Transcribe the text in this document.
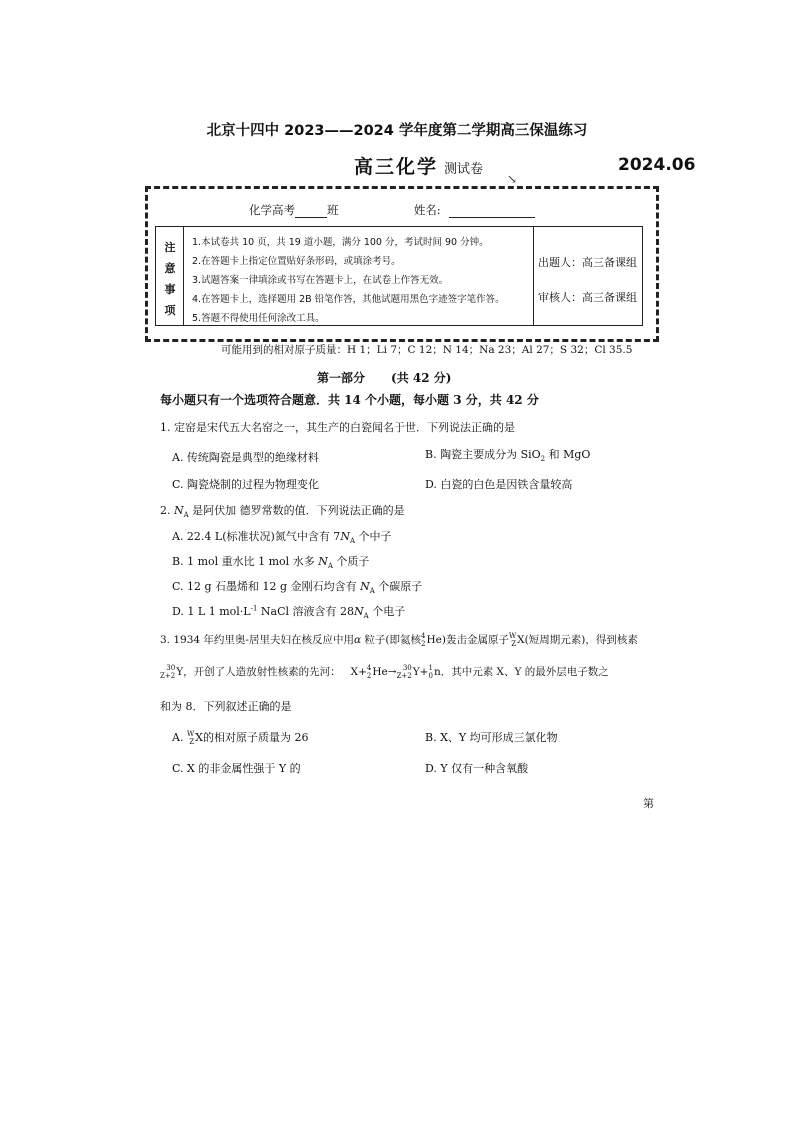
北京十四中 2023——2024 学年度第二学期高三保温练习
高三化学 测试卷	2024.06
↘
化学高考	班	姓名:
注
意
事
项
1.本试卷共 10 页，共 19 道小题，满分 100 分，考试时间 90 分钟。
2.在答题卡上指定位置贴好条形码，或填涂考号。
3.试题答案一律填涂或书写在答题卡上，在试卷上作答无效。
4.在答题卡上，选择题用 2B 铅笔作答，其他试题用黑色字迹签字笔作答。
5.答题不得使用任何涂改工具。
出题人：高三备课组
审核人：高三备课组
可能用到的相对原子质量：H 1；Li 7；C 12；N 14；Na 23；Al 27；S 32；Cl 35.5
第一部分 (共 42 分)
每小题只有一个选项符合题意．共 14 个小题，每小题 3 分，共 42 分
1. 定窑是宋代五大名窑之一，其生产的白瓷闻名于世．下列说法正确的是
A. 传统陶瓷是典型的绝缘材料	B. 陶瓷主要成分为 SiO$_2$ 和 MgO
C. 陶瓷烧制的过程为物理变化	D. 白瓷的白色是因铁含量较高
2. $N_A$ 是阿伏加 德罗常数的值．下列说法正确的是
A. 22.4 L(标准状况)氮气中含有 $7N_A$ 个中子
B. 1 mol 重水比 1 mol 水多 $N_A$ 个质子
C. 12 g 石墨烯和 12 g 金刚石均含有 $N_A$ 个碳原子
D. 1 L 1 $mol\cdot L^{-1}$ NaCl 溶液含有 $28N_A$ 个电子
3. 1934 年约里奥-居里夫妇在核反应中用α 粒子(即氦核4
2He)轰击金属原子W
ZX(短周期元素)，得到核素
30
Z+2Y，开创了人造放射性核素的先河： X+4
2He→ 30
Z+2Y+1
0n．其中元素 X、Y 的最外层电子数之
和为 8．下列叙述正确的是
A. W
ZX的相对原子质量为 26	B. X、Y 均可形成三氯化物
C. X 的非金属性强于 Y 的	D. Y 仅有一种含氧酸
第
